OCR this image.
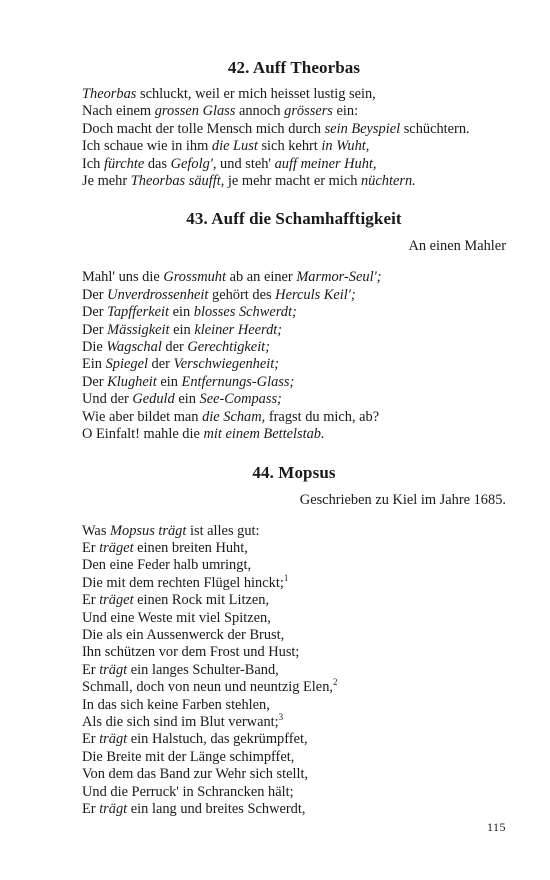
42. Auff Theorbas
Theorbas schluckt, weil er mich heisset lustig sein,
Nach einem grossen Glass annoch grössers ein:
Doch macht der tolle Mensch mich durch sein Beyspiel schüchtern.
Ich schaue wie in ihm die Lust sich kehrt in Wuht,
Ich fürchte das Gefolg', und steh' auff meiner Huht,
Je mehr Theorbas säufft, je mehr macht er mich nüchtern.
43. Auff die Schamhafftigkeit

An einen Mahler

Mahl' uns die Grossmuht ab an einer Marmor-Seul';
Der Unverdrossenheit gehört des Herculs Keil';
Der Tapfferkeit ein blosses Schwerdt;
Der Mässigkeit ein kleiner Heerdt;
Die Wagschal der Gerechtigkeit;
Ein Spiegel der Verschwiegenheit;
Der Klugheit ein Entfernungs-Glass;
Und der Geduld ein See-Compass;
Wie aber bildet man die Scham, fragst du mich, ab?
O Einfalt! mahle die mit einem Bettelstab.
44. Mopsus

Geschrieben zu Kiel im Jahre 1685.

Was Mopsus trägt ist alles gut:
Er träget einen breiten Huht,
Den eine Feder halb umringt,
Die mit dem rechten Flügel hinckt;$^1$
Er träget einen Rock mit Litzen,
Und eine Weste mit viel Spitzen,
Die als ein Aussenwerck der Brust,
Ihn schützen vor dem Frost und Hust;
Er trägt ein langes Schulter-Band,
Schmall, doch von neun und neuntzig Elen,$^2$
In das sich keine Farben stehlen,
Als die sich sind im Blut verwant;$^3$
Er trägt ein Halstuch, das gekrümpffet,
Die Breite mit der Länge schimpffet,
Von dem das Band zur Wehr sich stellt,
Und die Perruck' in Schrancken hält;
Er trägt ein lang und breites Schwerdt,
115
